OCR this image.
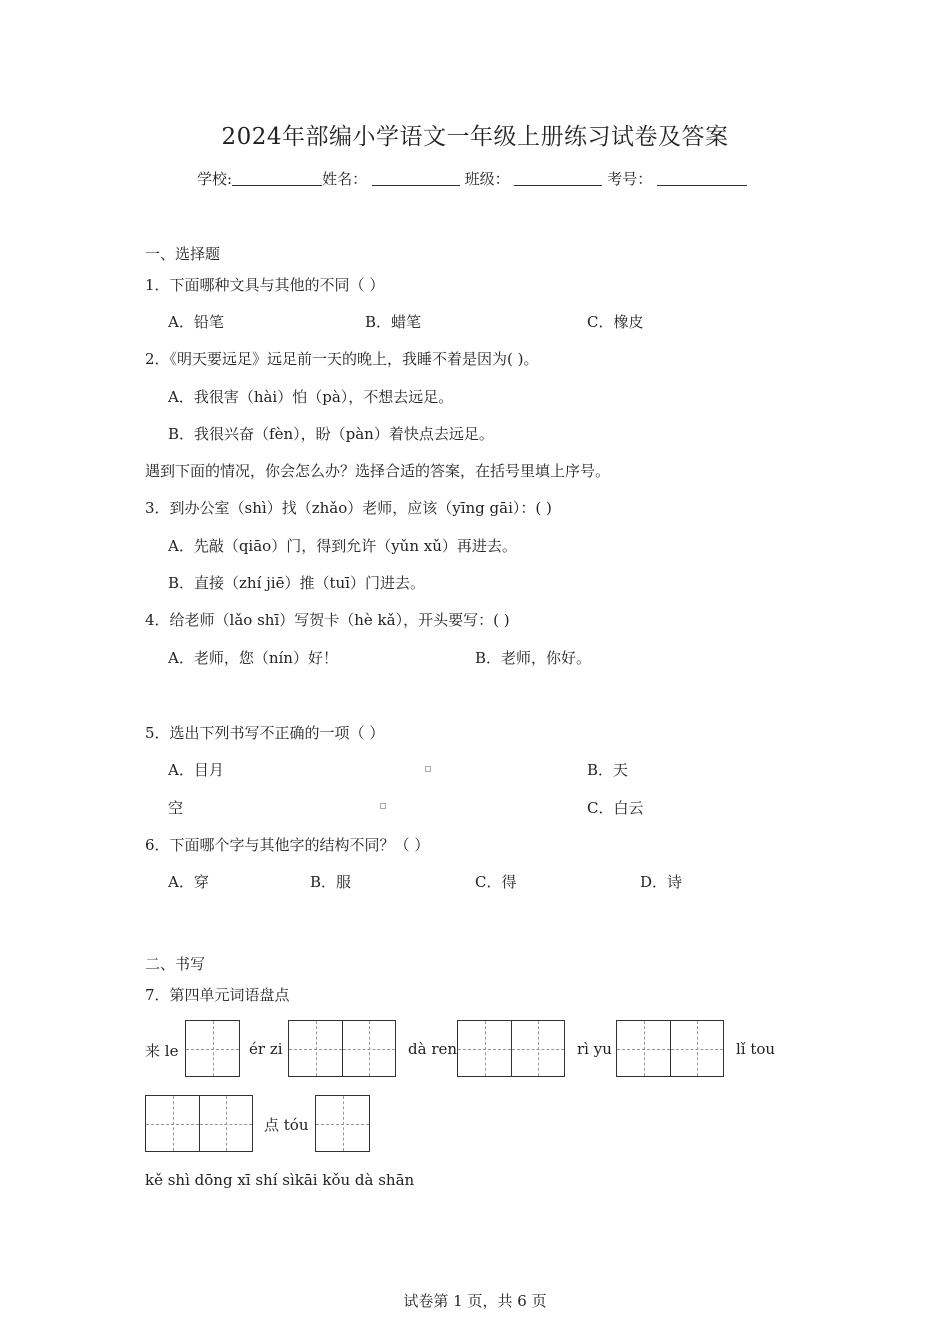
2024年部编小学语文一年级上册练习试卷及答案
学校:	姓名：	班级：	考号：
一、选择题
1．下面哪种文具与其他的不同（ ）
A．铅笔	B．蜡笔	C．橡皮
2．《明天要远足》远足前一天的晚上，我睡不着是因为( )。
A．我很害（hài）怕（pà），不想去远足。
B．我很兴奋（fèn），盼（pàn）着快点去远足。
遇到下面的情况，你会怎么办？选择合适的答案，在括号里填上序号。
3．到办公室（shì）找（zhǎo）老师，应该（yīng gāi）：( )
A．先敲（qiāo）门，得到允许（yǔn xǔ）再进去。
B．直接（zhí jiē）推（tuī）门进去。
4．给老师（lǎo shī）写贺卡（hè kǎ），开头要写：( )
A．老师，您（nín）好！	B．老师，你好。
5．选出下列书写不正确的一项（ ）
A．目月	B．天
空	C．白云
6．下面哪个字与其他字的结构不同？（ ）
A．穿	B．服	C．得	D．诗
二、书写
7．第四单元词语盘点
来 le	ér zi	dà ren	rì yu	lǐ tou
点 tóu
kě shì dōng xī shí sìkāi kǒu dà shān
试卷第 1 页，共 6 页
